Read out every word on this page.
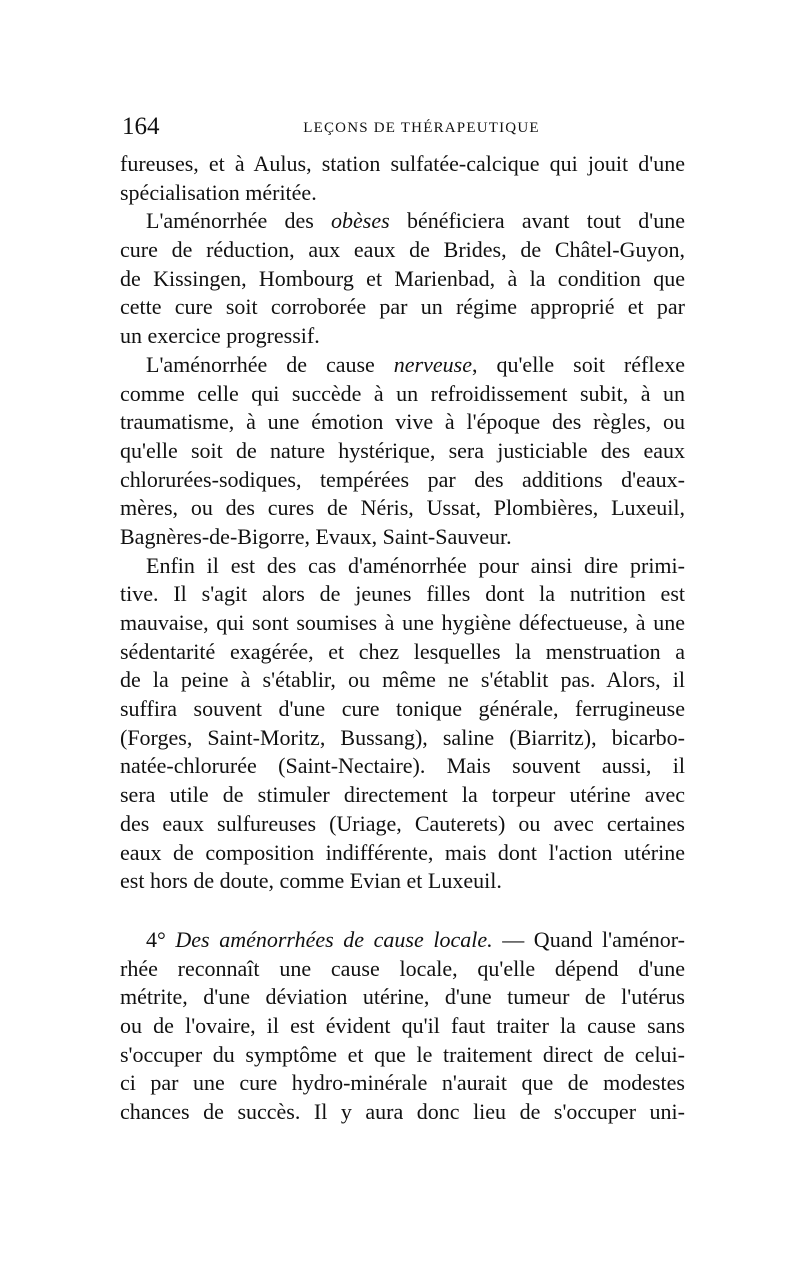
164	LEÇONS DE THÉRAPEUTIQUE
fureuses, et à Aulus, station sulfatée-calcique qui jouit d'une
spécialisation méritée.
L'aménorrhée des obèses bénéficiera avant tout d'une
cure de réduction, aux eaux de Brides, de Châtel-Guyon,
de Kissingen, Hombourg et Marienbad, à la condition que
cette cure soit corroborée par un régime approprié et par
un exercice progressif.
L'aménorrhée de cause nerveuse, qu'elle soit réflexe
comme celle qui succède à un refroidissement subit, à un
traumatisme, à une émotion vive à l'époque des règles, ou
qu'elle soit de nature hystérique, sera justiciable des eaux
chlorurées-sodiques, tempérées par des additions d'eaux-
mères, ou des cures de Néris, Ussat, Plombières, Luxeuil,
Bagnères-de-Bigorre, Evaux, Saint-Sauveur.
Enfin il est des cas d'aménorrhée pour ainsi dire primi-
tive. Il s'agit alors de jeunes filles dont la nutrition est
mauvaise, qui sont soumises à une hygiène défectueuse, à une
sédentarité exagérée, et chez lesquelles la menstruation a
de la peine à s'établir, ou même ne s'établit pas. Alors, il
suffira souvent d'une cure tonique générale, ferrugineuse
(Forges, Saint-Moritz, Bussang), saline (Biarritz), bicarbo-
natée-chlorurée (Saint-Nectaire). Mais souvent aussi, il
sera utile de stimuler directement la torpeur utérine avec
des eaux sulfureuses (Uriage, Cauterets) ou avec certaines
eaux de composition indifférente, mais dont l'action utérine
est hors de doute, comme Evian et Luxeuil.
4° Des aménorrhées de cause locale. — Quand l'aménor-
rhée reconnaît une cause locale, qu'elle dépend d'une
métrite, d'une déviation utérine, d'une tumeur de l'utérus
ou de l'ovaire, il est évident qu'il faut traiter la cause sans
s'occuper du symptôme et que le traitement direct de celui-
ci par une cure hydro-minérale n'aurait que de modestes
chances de succès. Il y aura donc lieu de s'occuper uni-
